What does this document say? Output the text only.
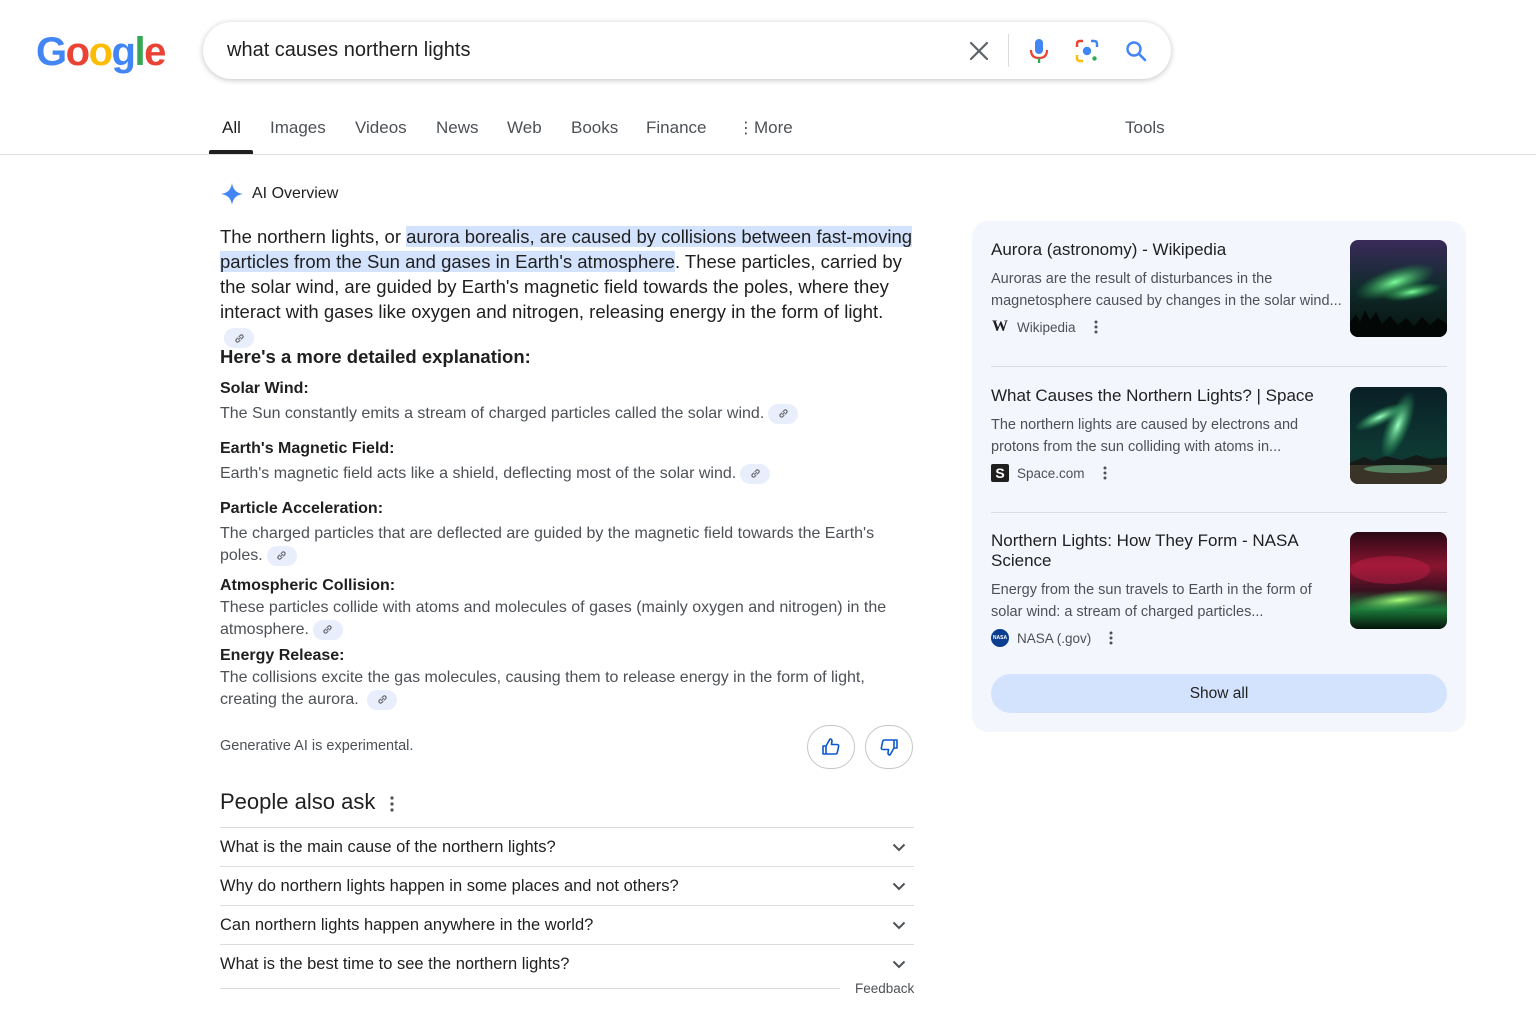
Google
what causes northern lights
All Images Videos News Web Books Finance ⋮More	Tools
AI Overview
The northern lights, or aurora borealis, are caused by collisions between fast-moving particles from the Sun and gases in Earth's atmosphere. These particles, carried by the solar wind, are guided by Earth's magnetic field towards the poles, where they interact with gases like oxygen and nitrogen, releasing energy in the form of light.
Here's a more detailed explanation:
Solar Wind:
The Sun constantly emits a stream of charged particles called the solar wind.
Earth's Magnetic Field:
Earth's magnetic field acts like a shield, deflecting most of the solar wind.
Particle Acceleration:
The charged particles that are deflected are guided by the magnetic field towards the Earth's poles.
Atmospheric Collision:
These particles collide with atoms and molecules of gases (mainly oxygen and nitrogen) in the atmosphere.
Energy Release:
The collisions excite the gas molecules, causing them to release energy in the form of light, creating the aurora.
Generative AI is experimental.
People also ask
What is the main cause of the northern lights?
Why do northern lights happen in some places and not others?
Can northern lights happen anywhere in the world?
What is the best time to see the northern lights?
Feedback
Aurora (astronomy) - Wikipedia
Auroras are the result of disturbances in the magnetosphere caused by changes in the solar wind...
W Wikipedia
What Causes the Northern Lights? | Space
The northern lights are caused by electrons and protons from the sun colliding with atoms in...
S Space.com
Northern Lights: How They Form - NASA Science
Energy from the sun travels to Earth in the form of solar wind: a stream of charged particles...
NASA NASA (.gov)
Show all
